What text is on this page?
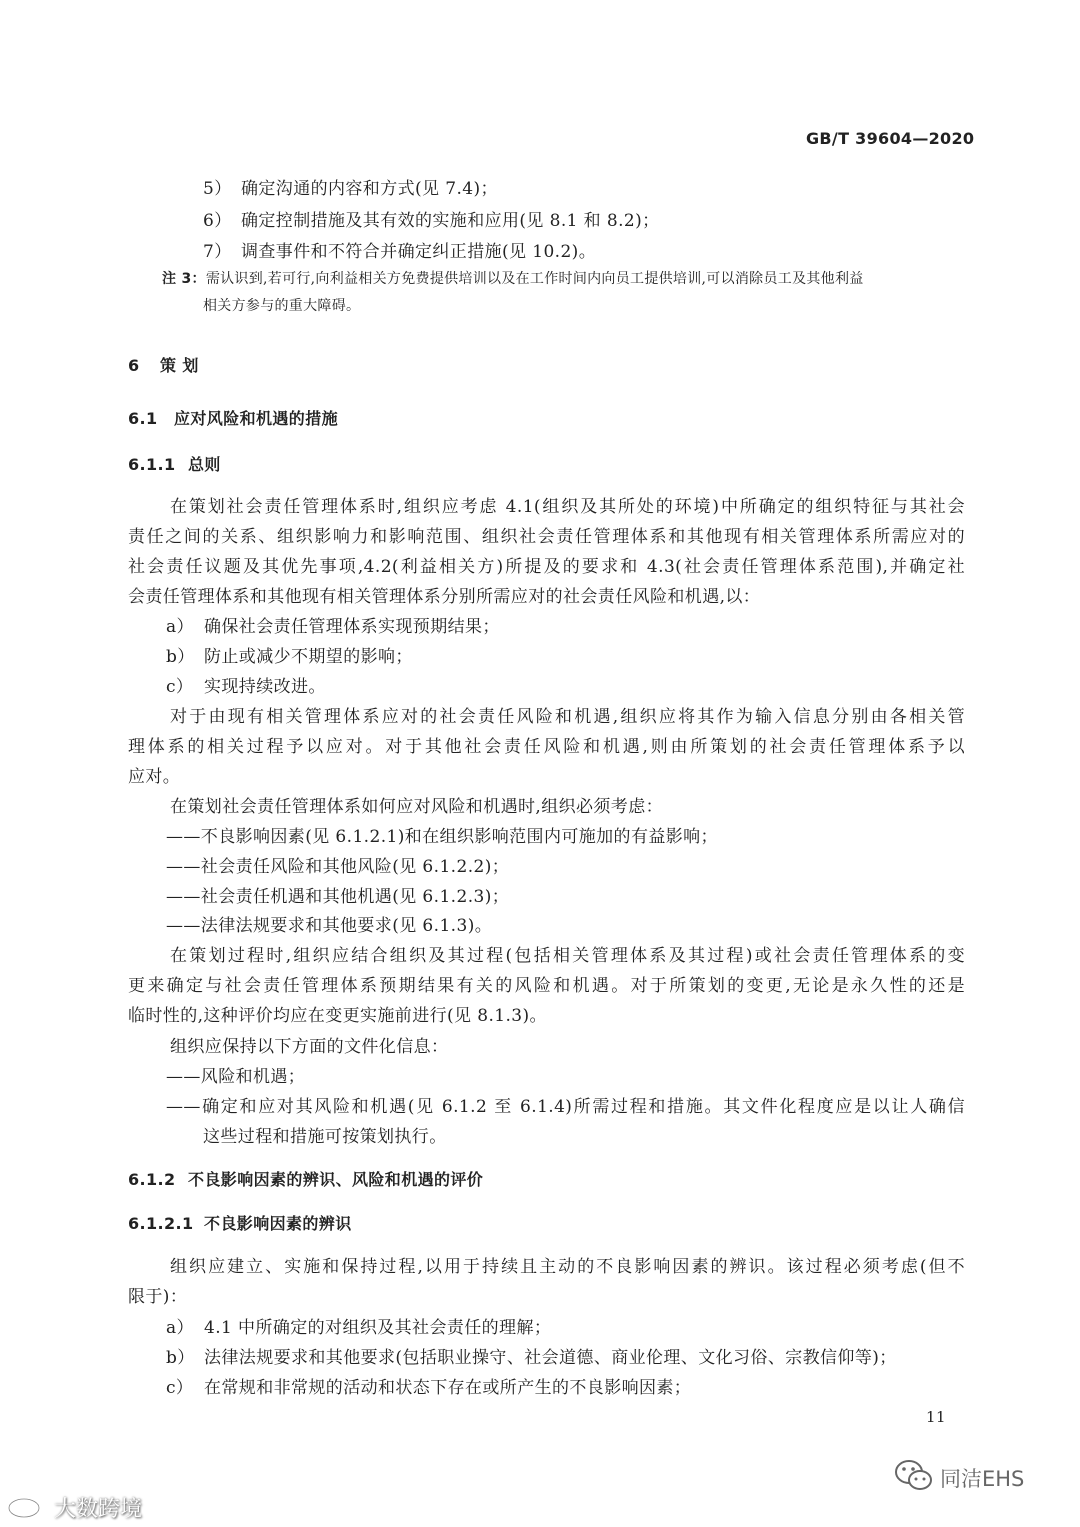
GB/T 39604—2020
5） 确定沟通的内容和方式(见 7.4)；
6） 确定控制措施及其有效的实施和应用(见 8.1 和 8.2)；
7） 调查事件和不符合并确定纠正措施(见 10.2)。
注 3：需认识到,若可行,向利益相关方免费提供培训以及在工作时间内向员工提供培训,可以消除员工及其他利益
相关方参与的重大障碍。
6 策 划
6.1 应对风险和机遇的措施
6.1.1 总则
在策划社会责任管理体系时,组织应考虑 4.1(组织及其所处的环境)中所确定的组织特征与其社会
责任之间的关系、组织影响力和影响范围、组织社会责任管理体系和其他现有相关管理体系所需应对的
社会责任议题及其优先事项,4.2(利益相关方)所提及的要求和 4.3(社会责任管理体系范围),并确定社
会责任管理体系和其他现有相关管理体系分别所需应对的社会责任风险和机遇,以：
a） 确保社会责任管理体系实现预期结果；
b） 防止或减少不期望的影响；
c） 实现持续改进。
对于由现有相关管理体系应对的社会责任风险和机遇,组织应将其作为输入信息分别由各相关管
理体系的相关过程予以应对。对于其他社会责任风险和机遇,则由所策划的社会责任管理体系予以
应对。
在策划社会责任管理体系如何应对风险和机遇时,组织必须考虑：
——不良影响因素(见 6.1.2.1)和在组织影响范围内可施加的有益影响；
——社会责任风险和其他风险(见 6.1.2.2)；
——社会责任机遇和其他机遇(见 6.1.2.3)；
——法律法规要求和其他要求(见 6.1.3)。
在策划过程时,组织应结合组织及其过程(包括相关管理体系及其过程)或社会责任管理体系的变
更来确定与社会责任管理体系预期结果有关的风险和机遇。对于所策划的变更,无论是永久性的还是
临时性的,这种评价均应在变更实施前进行(见 8.1.3)。
组织应保持以下方面的文件化信息：
——风险和机遇；
——确定和应对其风险和机遇(见 6.1.2 至 6.1.4)所需过程和措施。其文件化程度应是以让人确信
这些过程和措施可按策划执行。
6.1.2 不良影响因素的辨识、风险和机遇的评价
6.1.2.1 不良影响因素的辨识
组织应建立、实施和保持过程,以用于持续且主动的不良影响因素的辨识。该过程必须考虑(但不
限于)：
a） 4.1 中所确定的对组织及其社会责任的理解；
b） 法律法规要求和其他要求(包括职业操守、社会道德、商业伦理、文化习俗、宗教信仰等)；
c） 在常规和非常规的活动和状态下存在或所产生的不良影响因素；
11
同洁EHS
大数跨境
